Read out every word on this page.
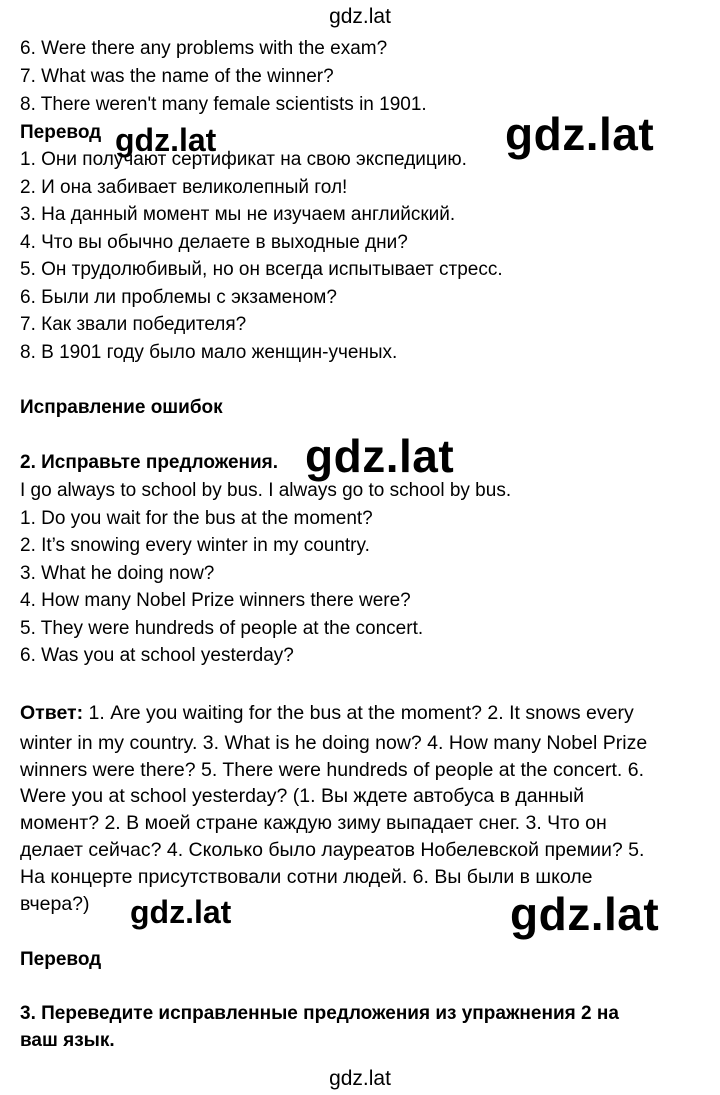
gdz.lat
6. Were there any problems with the exam?
7. What was the name of the winner?
8. There weren't many female scientists in 1901.
Перевод
1. Они получают сертификат на свою экспедицию.
2. И она забивает великолепный гол!
3. На данный момент мы не изучаем английский.
4. Что вы обычно делаете в выходные дни?
5. Он трудолюбивый, но он всегда испытывает стресс.
6. Были ли проблемы с экзаменом?
7. Как звали победителя?
8. В 1901 году было мало женщин-ученых.
Исправление ошибок
2. Исправьте предложения.
I go always to school by bus. I always go to school by bus.
1. Do you wait for the bus at the moment?
2. It’s snowing every winter in my country.
3. What he doing now?
4. How many Nobel Prize winners there were?
5. They were hundreds of people at the concert.
6. Was you at school yesterday?
Ответ: 1. Are you waiting for the bus at the moment? 2. It snows every
winter in my country. 3. What is he doing now? 4. How many Nobel Prize
winners were there? 5. There were hundreds of people at the concert. 6.
Were you at school yesterday? (1. Вы ждете автобуса в данный
момент? 2. В моей стране каждую зиму выпадает снег. 3. Что он
делает сейчас? 4. Сколько было лауреатов Нобелевской премии? 5.
На концерте присутствовали сотни людей. 6. Вы были в школе
вчера?)
Перевод
3. Переведите исправленные предложения из упражнения 2 на
ваш язык.
gdz.lat
gdz.lat	gdz.lat
gdz.lat
gdz.lat	gdz.lat
